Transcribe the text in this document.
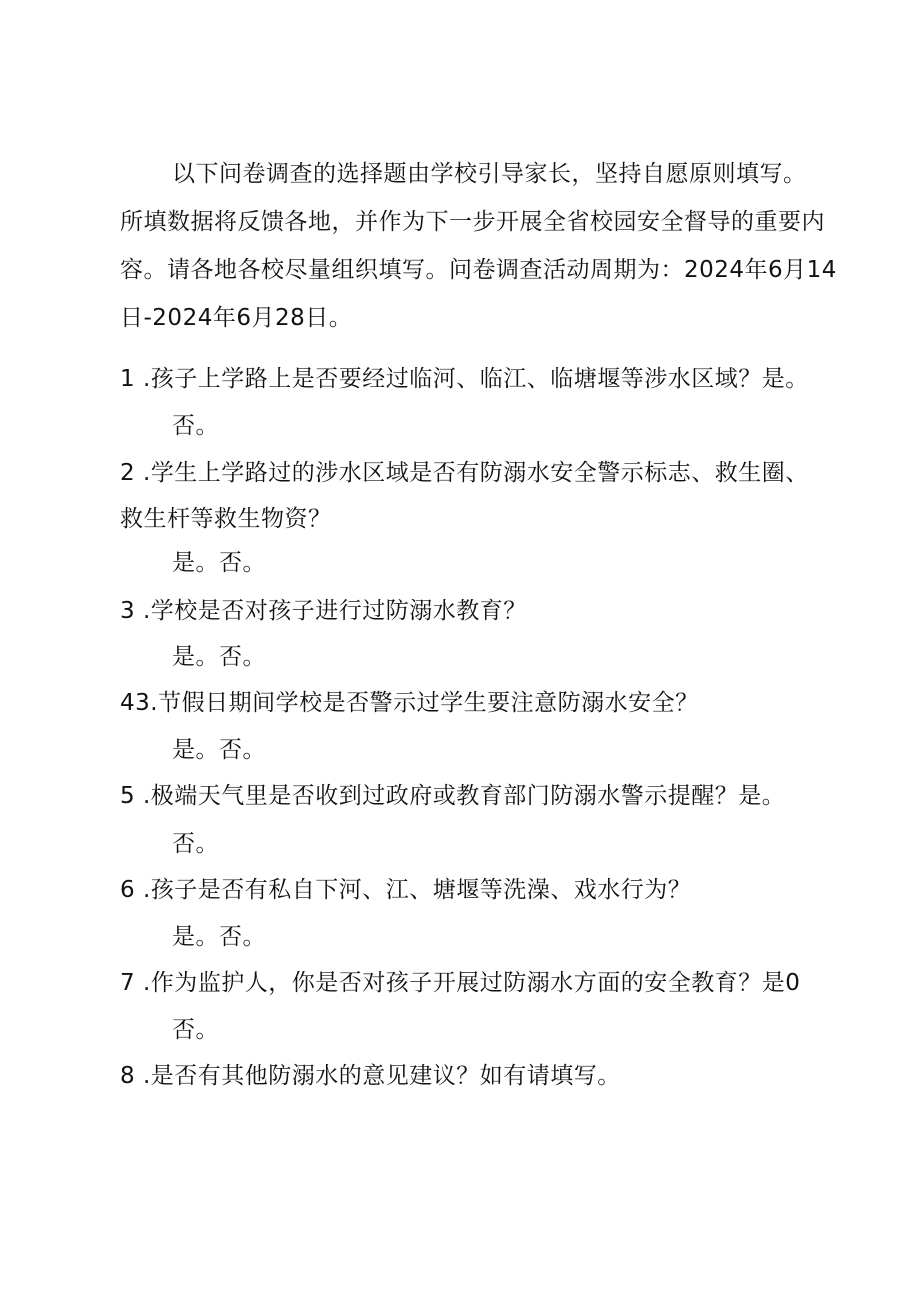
以下问卷调查的选择题由学校引导家长，坚持自愿原则填写。
所填数据将反馈各地，并作为下一步开展全省校园安全督导的重要内
容。请各地各校尽量组织填写。问卷调查活动周期为：2024年6月14
日-2024年6月28日。
1 .孩子上学路上是否要经过临河、临江、临塘堰等涉水区域？是。
否。
2 .学生上学路过的涉水区域是否有防溺水安全警示标志、救生圈、
救生杆等救生物资？
是。否。
3 .学校是否对孩子进行过防溺水教育？
是。否。
43.节假日期间学校是否警示过学生要注意防溺水安全？
是。否。
5 .极端天气里是否收到过政府或教育部门防溺水警示提醒？是。
否。
6 .孩子是否有私自下河、江、塘堰等洗澡、戏水行为？
是。否。
7 .作为监护人，你是否对孩子开展过防溺水方面的安全教育？是0
否。
8 .是否有其他防溺水的意见建议？如有请填写。
